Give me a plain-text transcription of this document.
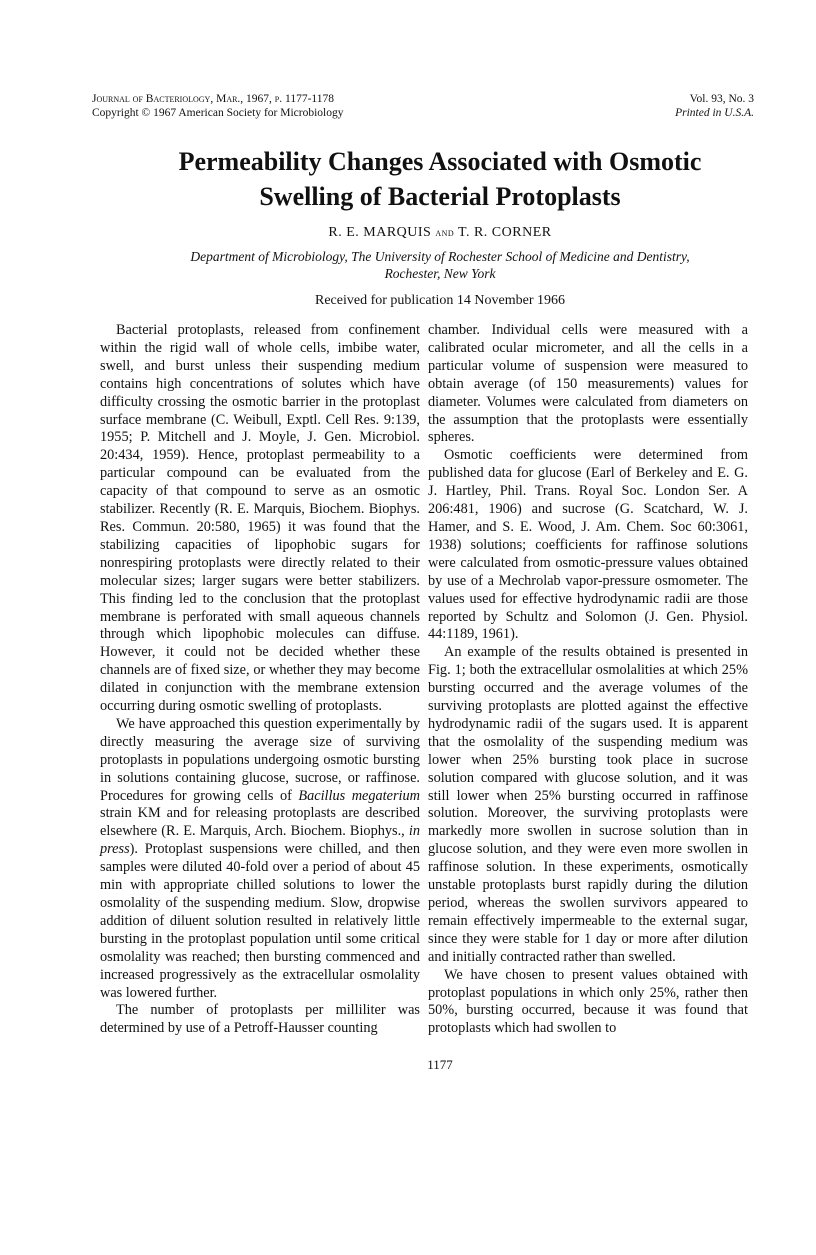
Journal of Bacteriology, Mar., 1967, p. 1177-1178
Copyright © 1967 American Society for Microbiology
Vol. 93, No. 3
Printed in U.S.A.
Permeability Changes Associated with Osmotic
Swelling of Bacterial Protoplasts
R. E. MARQUIS and T. R. CORNER
Department of Microbiology, The University of Rochester School of Medicine and Dentistry,
Rochester, New York
Received for publication 14 November 1966

Bacterial protoplasts, released from confinement within the rigid wall of whole cells, imbibe water, swell, and burst unless their suspending medium contains high concentrations of solutes which have difficulty crossing the osmotic barrier in the protoplast surface membrane (C. Weibull, Exptl. Cell Res. 9:139, 1955; P. Mitchell and J. Moyle, J. Gen. Microbiol. 20:434, 1959). Hence, protoplast permeability to a particular compound can be evaluated from the capacity of that compound to serve as an osmotic stabilizer. Recently (R. E. Marquis, Biochem. Biophys. Res. Commun. 20:580, 1965) it was found that the stabilizing capacities of lipophobic sugars for nonrespiring protoplasts were directly related to their molecular sizes; larger sugars were better stabilizers. This finding led to the conclusion that the protoplast membrane is perforated with small aqueous channels through which lipophobic molecules can diffuse. However, it could not be decided whether these channels are of fixed size, or whether they may become dilated in conjunction with the membrane extension occurring during osmotic swelling of protoplasts.

We have approached this question experimentally by directly measuring the average size of surviving protoplasts in populations undergoing osmotic bursting in solutions containing glucose, sucrose, or raffinose. Procedures for growing cells of Bacillus megaterium strain KM and for releasing protoplasts are described elsewhere (R. E. Marquis, Arch. Biochem. Biophys., in press). Protoplast suspensions were chilled, and then samples were diluted 40-fold over a period of about 45 min with appropriate chilled solutions to lower the osmolality of the suspending medium. Slow, dropwise addition of diluent solution resulted in relatively little bursting in the protoplast population until some critical osmolality was reached; then bursting commenced and increased progressively as the extracellular osmolality was lowered further.

The number of protoplasts per milliliter was determined by use of a Petroff-Hausser counting

chamber. Individual cells were measured with a calibrated ocular micrometer, and all the cells in a particular volume of suspension were measured to obtain average (of 150 measurements) values for diameter. Volumes were calculated from diameters on the assumption that the protoplasts were essentially spheres.

Osmotic coefficients were determined from published data for glucose (Earl of Berkeley and E. G. J. Hartley, Phil. Trans. Royal Soc. London Ser. A 206:481, 1906) and sucrose (G. Scatchard, W. J. Hamer, and S. E. Wood, J. Am. Chem. Soc 60:3061, 1938) solutions; coefficients for raffinose solutions were calculated from osmotic-pressure values obtained by use of a Mechrolab vapor-pressure osmometer. The values used for effective hydrodynamic radii are those reported by Schultz and Solomon (J. Gen. Physiol. 44:1189, 1961).

An example of the results obtained is presented in Fig. 1; both the extracellular osmolalities at which 25% bursting occurred and the average volumes of the surviving protoplasts are plotted against the effective hydrodynamic radii of the sugars used. It is apparent that the osmolality of the suspending medium was lower when 25% bursting took place in sucrose solution compared with glucose solution, and it was still lower when 25% bursting occurred in raffinose solution. Moreover, the surviving protoplasts were markedly more swollen in sucrose solution than in glucose solution, and they were even more swollen in raffinose solution. In these experiments, osmotically unstable protoplasts burst rapidly during the dilution period, whereas the swollen survivors appeared to remain effectively impermeable to the external sugar, since they were stable for 1 day or more after dilution and initially contracted rather than swelled.

We have chosen to present values obtained with protoplast populations in which only 25%, rather then 50%, bursting occurred, because it was found that protoplasts which had swollen to

1177
